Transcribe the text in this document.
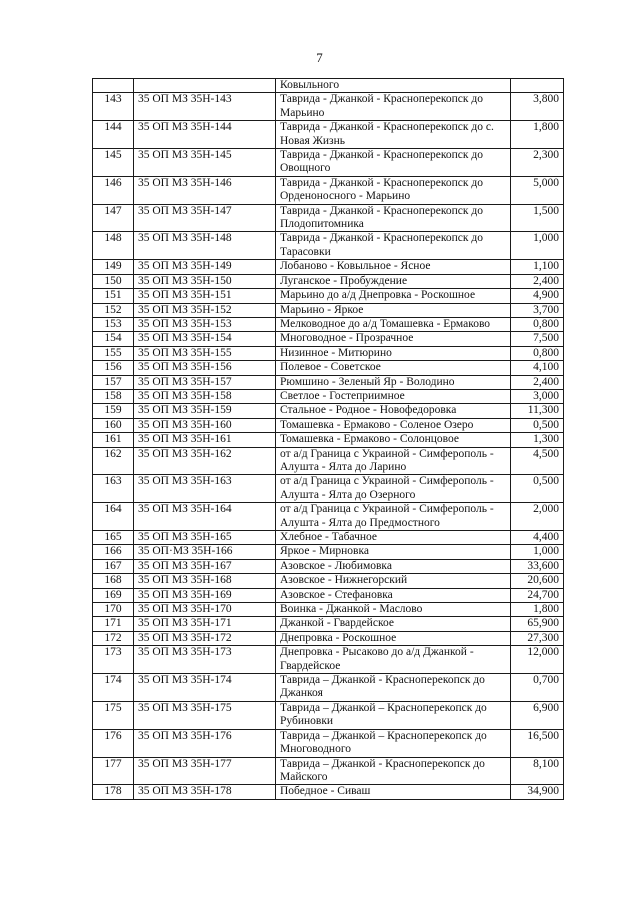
7
		Ковыльного	
143	35 ОП МЗ 35Н-143	Таврида - Джанкой - Красноперекопск до Марьино	3,800
144	35 ОП МЗ 35Н-144	Таврида - Джанкой - Красноперекопск до с. Новая Жизнь	1,800
145	35 ОП МЗ 35Н-145	Таврида - Джанкой - Красноперекопск до Овощного	2,300
146	35 ОП МЗ 35Н-146	Таврида - Джанкой - Красноперекопск до Орденоносного - Марьино	5,000
147	35 ОП МЗ 35Н-147	Таврида - Джанкой - Красноперекопск до Плодопитомника	1,500
148	35 ОП МЗ 35Н-148	Таврида - Джанкой - Красноперекопск до Тарасовки	1,000
149	35 ОП МЗ 35Н-149	Лобаново - Ковыльное - Ясное	1,100
150	35 ОП МЗ 35Н-150	Луганское - Пробуждение	2,400
151	35 ОП МЗ 35Н-151	Марьино до а/д Днепровка - Роскошное	4,900
152	35 ОП МЗ 35Н-152	Марьино - Яркое	3,700
153	35 ОП МЗ 35Н-153	Мелководное до а/д Томашевка - Ермаково	0,800
154	35 ОП МЗ 35Н-154	Многоводное - Прозрачное	7,500
155	35 ОП МЗ 35Н-155	Низинное - Митюрино	0,800
156	35 ОП МЗ 35Н-156	Полевое - Советское	4,100
157	35 ОП МЗ 35Н-157	Рюмшино - Зеленый Яр - Володино	2,400
158	35 ОП МЗ 35Н-158	Светлое - Гостеприимное	3,000
159	35 ОП МЗ 35Н-159	Стальное - Родное - Новофедоровка	11,300
160	35 ОП МЗ 35Н-160	Томашевка - Ермаково - Соленое Озеро	0,500
161	35 ОП МЗ 35Н-161	Томашевка - Ермаково - Солонцовое	1,300
162	35 ОП МЗ 35Н-162	от а/д Граница с Украиной - Симферополь - Алушта - Ялта до Ларино	4,500
163	35 ОП МЗ 35Н-163	от а/д Граница с Украиной - Симферополь - Алушта - Ялта до Озерного	0,500
164	35 ОП МЗ 35Н-164	от а/д Граница с Украиной - Симферополь - Алушта - Ялта до Предмостного	2,000
165	35 ОП МЗ 35Н-165	Хлебное - Табачное	4,400
166	35 ОП·МЗ 35Н-166	Яркое - Мирновка	1,000
167	35 ОП МЗ 35Н-167	Азовское - Любимовка	33,600
168	35 ОП МЗ 35Н-168	Азовское - Нижнегорский	20,600
169	35 ОП МЗ 35Н-169	Азовское - Стефановка	24,700
170	35 ОП МЗ 35Н-170	Воинка - Джанкой - Маслово	1,800
171	35 ОП МЗ 35Н-171	Джанкой - Гвардейское	65,900
172	35 ОП МЗ 35Н-172	Днепровка - Роскошное	27,300
173	35 ОП МЗ 35Н-173	Днепровка - Рысаково до а/д Джанкой - Гвардейское	12,000
174	35 ОП МЗ 35Н-174	Таврида – Джанкой - Красноперекопск до Джанкоя	0,700
175	35 ОП МЗ 35Н-175	Таврида – Джанкой – Красноперекопск до Рубиновки	6,900
176	35 ОП МЗ 35Н-176	Таврида – Джанкой – Красноперекопск до Многоводного	16,500
177	35 ОП МЗ 35Н-177	Таврида – Джанкой - Красноперекопск до Майского	8,100
178	35 ОП МЗ 35Н-178	Победное - Сиваш	34,900
